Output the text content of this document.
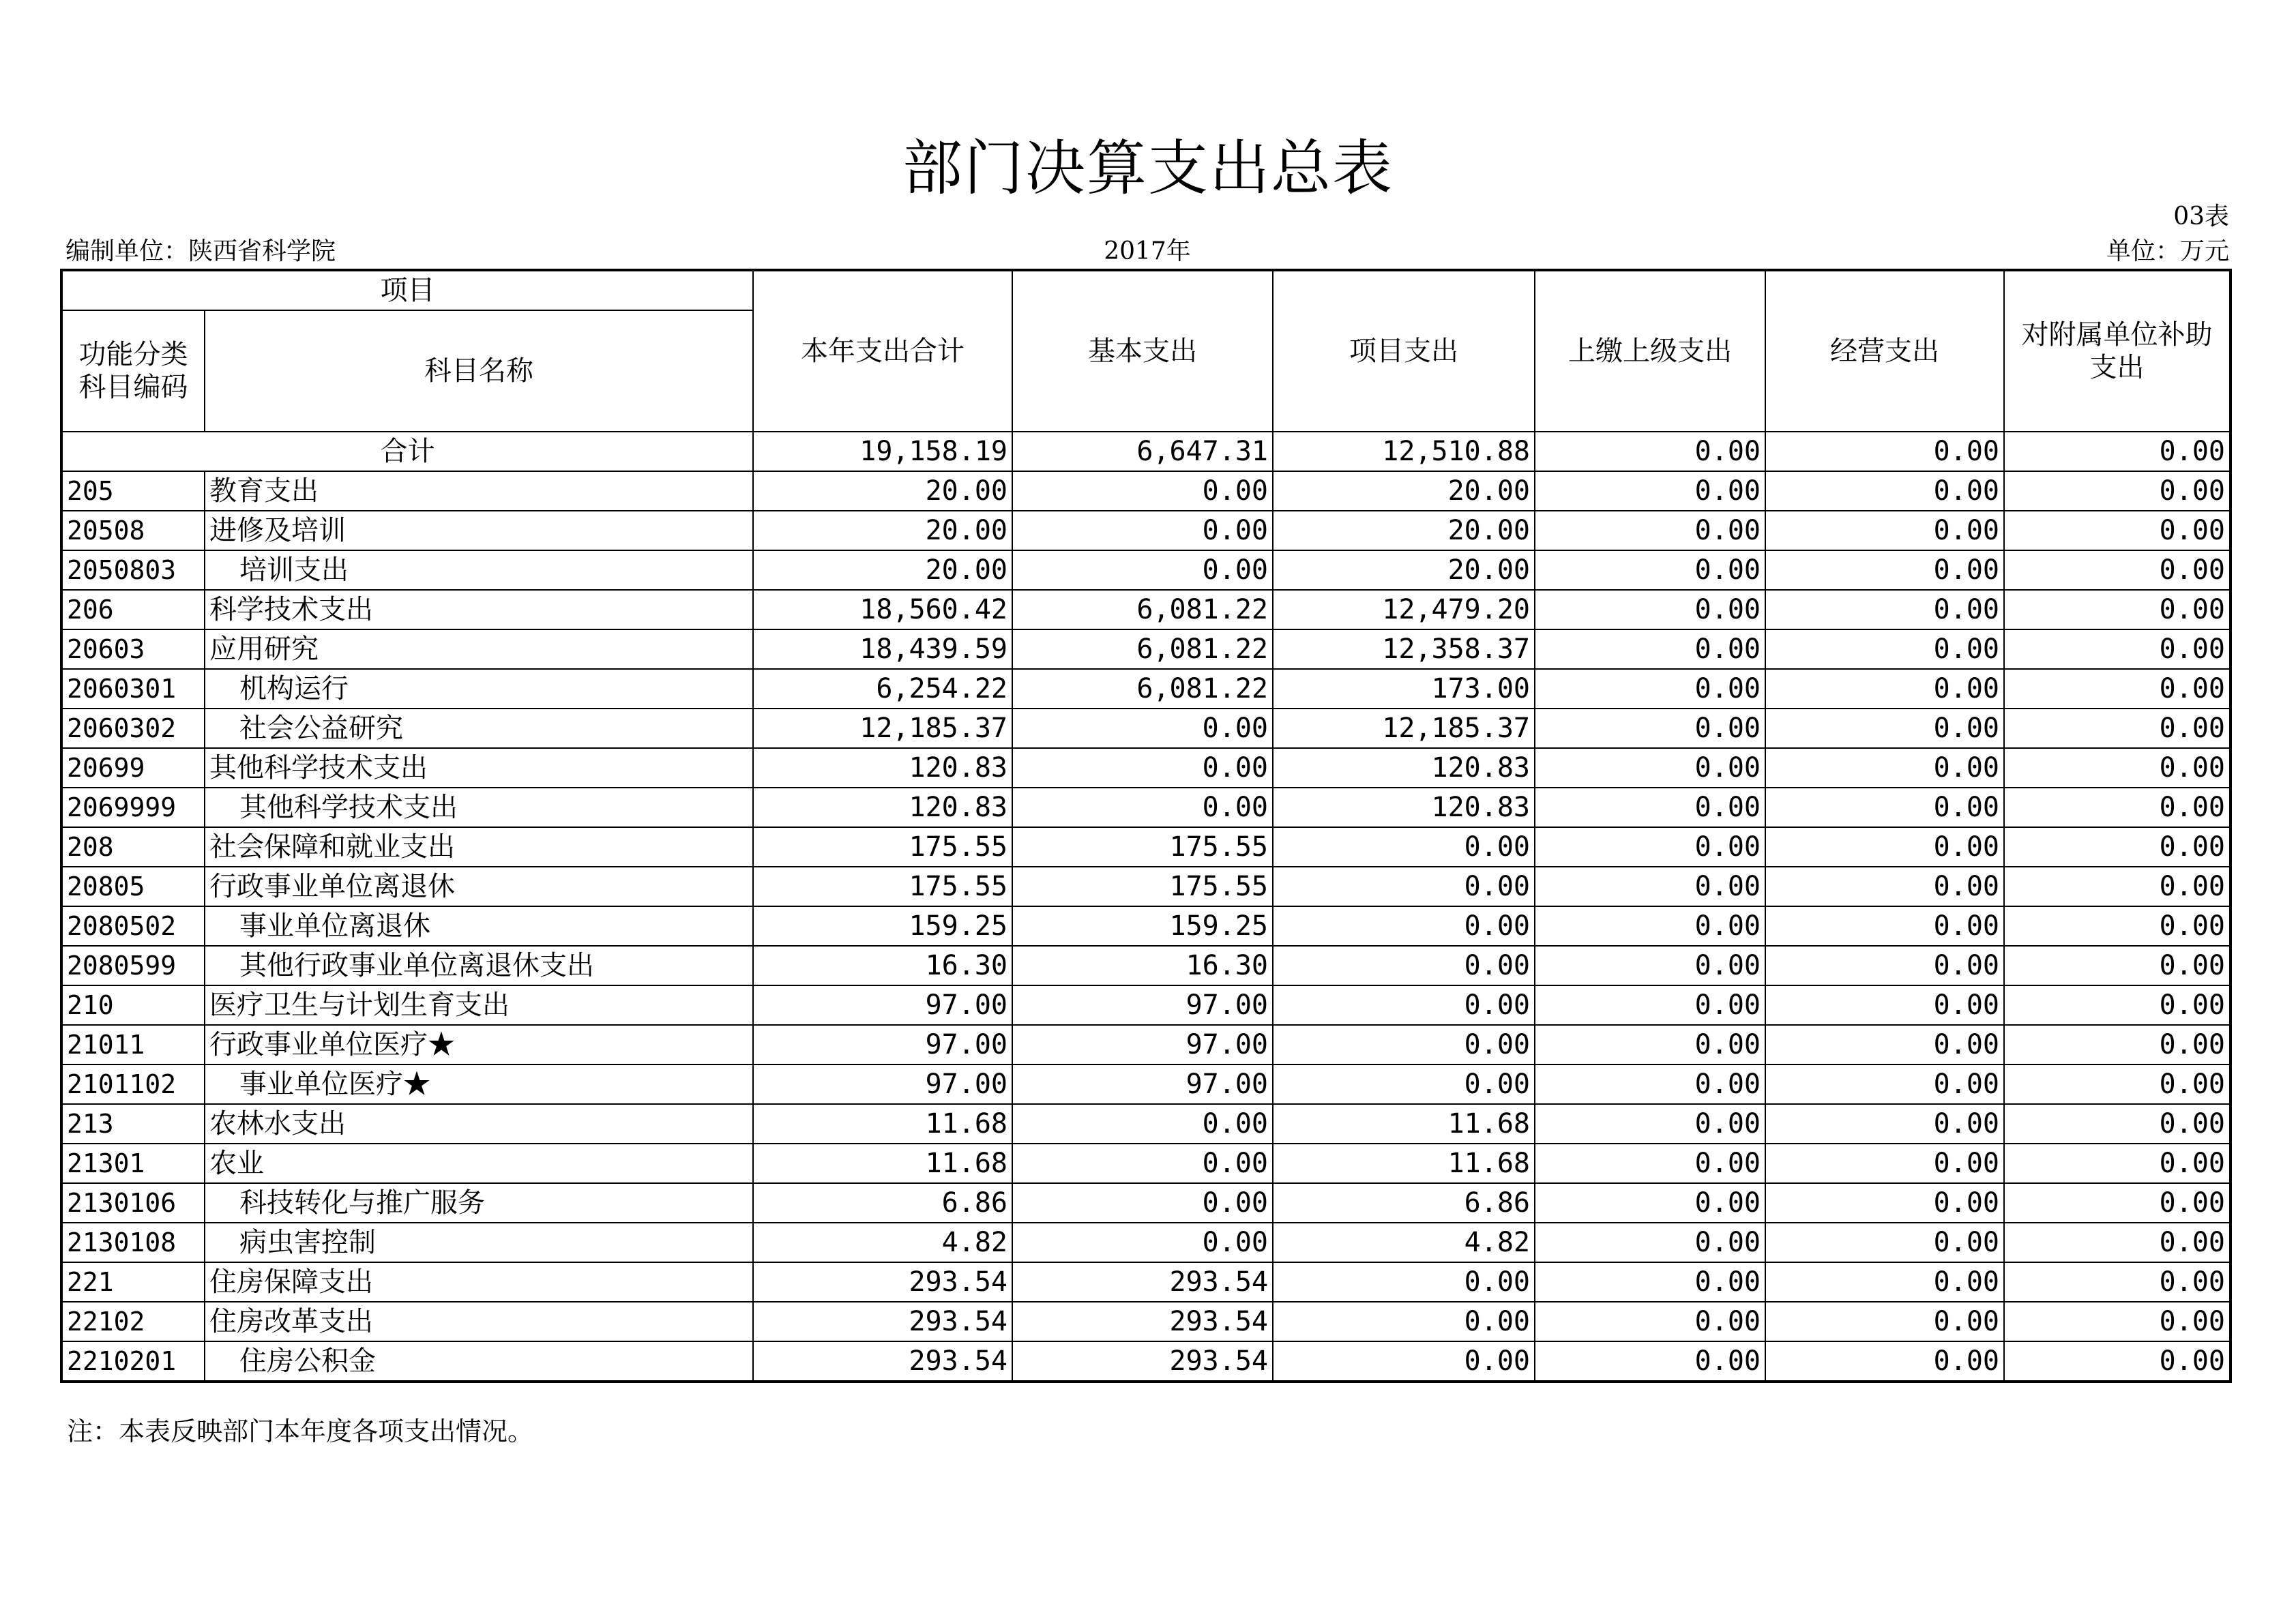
部门决算支出总表
03表
编制单位：陕西省科学院	2017年	单位：万元
项目		本年支出合计	基本支出	项目支出	上缴上级支出	经营支出	对附属单位补助支出
功能分类科目编码	科目名称						
合计		19,158.19	6,647.31	12,510.88	0.00	0.00	0.00
205	教育支出	20.00	0.00	20.00	0.00	0.00	0.00
20508	进修及培训	20.00	0.00	20.00	0.00	0.00	0.00
2050803	培训支出	20.00	0.00	20.00	0.00	0.00	0.00
206	科学技术支出	18,560.42	6,081.22	12,479.20	0.00	0.00	0.00
20603	应用研究	18,439.59	6,081.22	12,358.37	0.00	0.00	0.00
2060301	机构运行	6,254.22	6,081.22	173.00	0.00	0.00	0.00
2060302	社会公益研究	12,185.37	0.00	12,185.37	0.00	0.00	0.00
20699	其他科学技术支出	120.83	0.00	120.83	0.00	0.00	0.00
2069999	其他科学技术支出	120.83	0.00	120.83	0.00	0.00	0.00
208	社会保障和就业支出	175.55	175.55	0.00	0.00	0.00	0.00
20805	行政事业单位离退休	175.55	175.55	0.00	0.00	0.00	0.00
2080502	事业单位离退休	159.25	159.25	0.00	0.00	0.00	0.00
2080599	其他行政事业单位离退休支出	16.30	16.30	0.00	0.00	0.00	0.00
210	医疗卫生与计划生育支出	97.00	97.00	0.00	0.00	0.00	0.00
21011	行政事业单位医疗★	97.00	97.00	0.00	0.00	0.00	0.00
2101102	事业单位医疗★	97.00	97.00	0.00	0.00	0.00	0.00
213	农林水支出	11.68	0.00	11.68	0.00	0.00	0.00
21301	农业	11.68	0.00	11.68	0.00	0.00	0.00
2130106	科技转化与推广服务	6.86	0.00	6.86	0.00	0.00	0.00
2130108	病虫害控制	4.82	0.00	4.82	0.00	0.00	0.00
221	住房保障支出	293.54	293.54	0.00	0.00	0.00	0.00
22102	住房改革支出	293.54	293.54	0.00	0.00	0.00	0.00
2210201	住房公积金	293.54	293.54	0.00	0.00	0.00	0.00
注：本表反映部门本年度各项支出情况。
